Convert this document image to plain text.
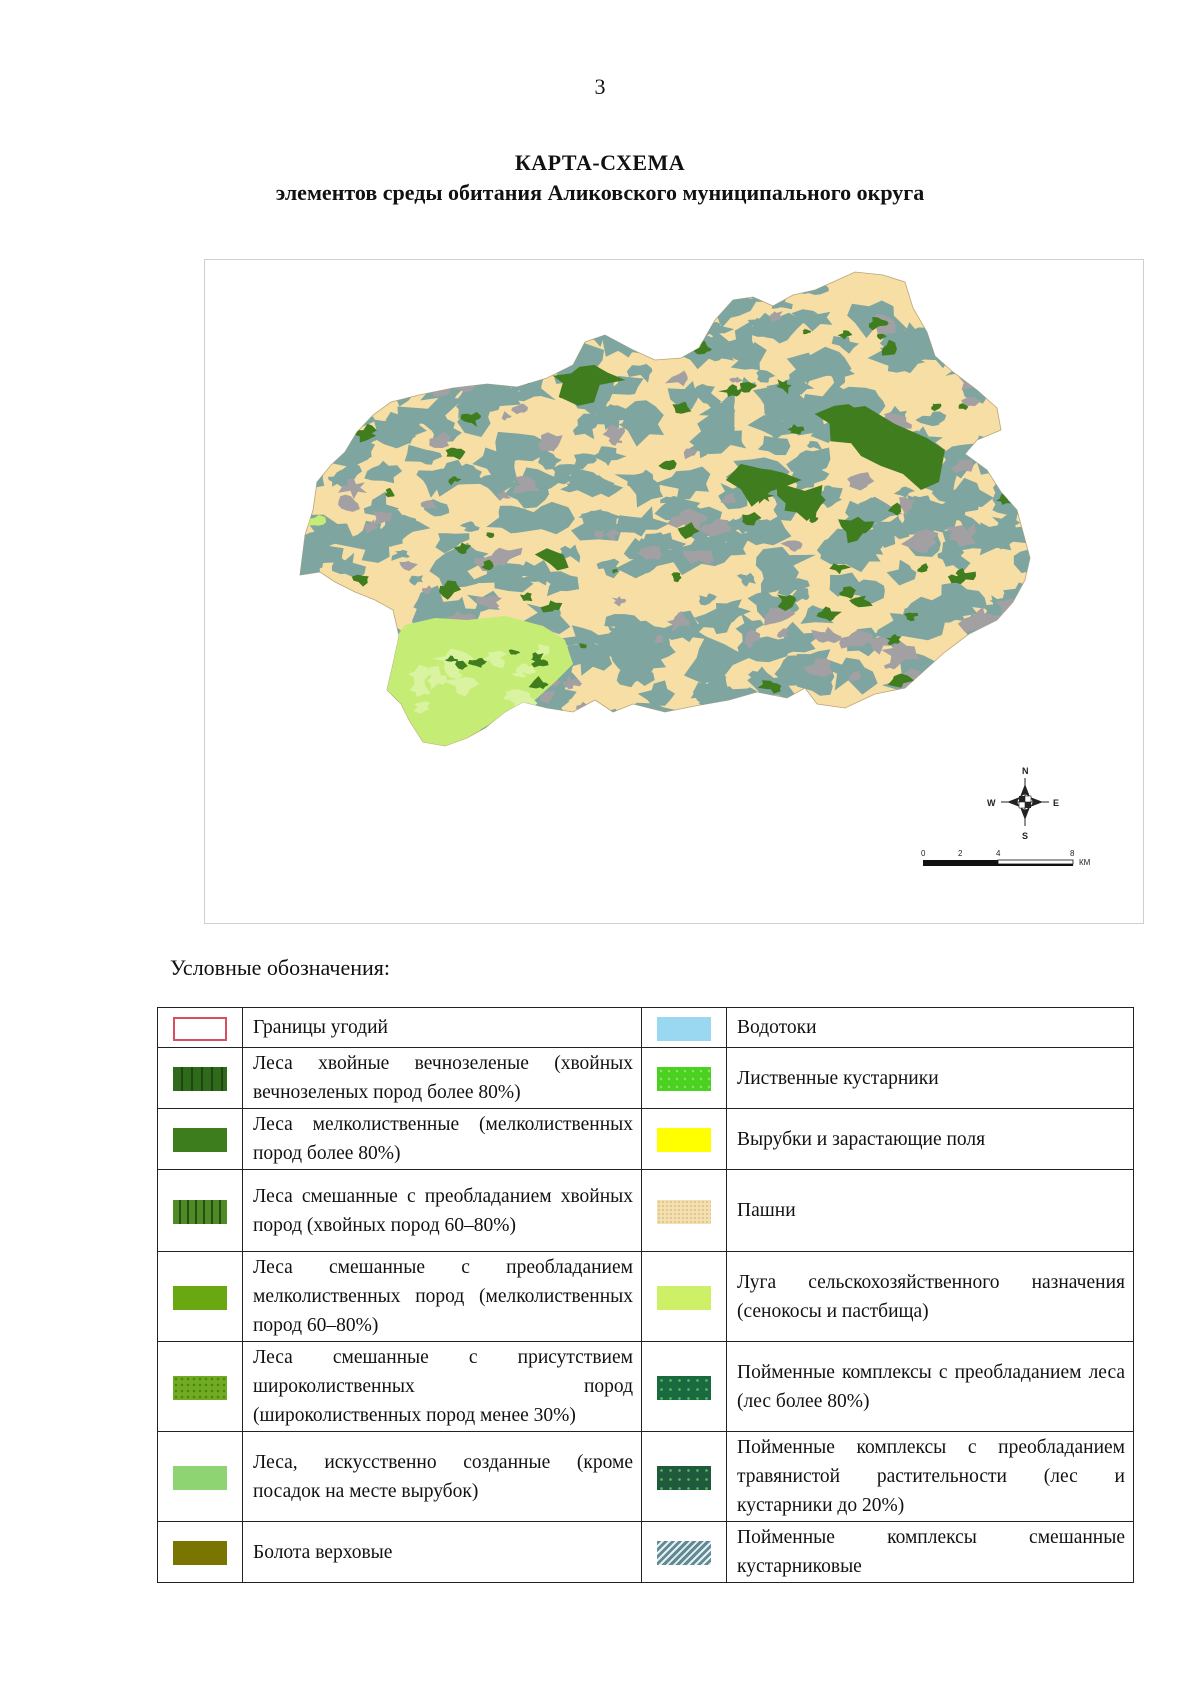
3
КАРТА-СХЕМА
элементов среды обитания Аликовского муниципального округа
N
S
W	E
0	2	4	8
КМ
Условные обозначения:
	Границы угодий		Водотоки
	Леса хвойные вечнозеленые (хвойных вечнозеленых пород более 80%)		Лиственные кустарники
	Леса мелколиственные (мелколиственных пород более 80%)		Вырубки и зарастающие поля
	Леса смешанные с преобладанием хвойных пород (хвойных пород 60–80%)		Пашни
	Леса смешанные с преобладанием мелколиственных пород (мелколиственных пород 60–80%)		Луга сельскохозяйственного назначения (сенокосы и пастбища)
	Леса смешанные с присутствием широколиственных пород (широколиственных пород менее 30%)		Пойменные комплексы с преобладанием леса (лес более 80%)
	Леса, искусственно созданные (кроме посадок на месте вырубок)		Пойменные комплексы с преобладанием травянистой растительности (лес и кустарники до 20%)
	Болота верховые		Пойменные комплексы смешанные кустарниковые
